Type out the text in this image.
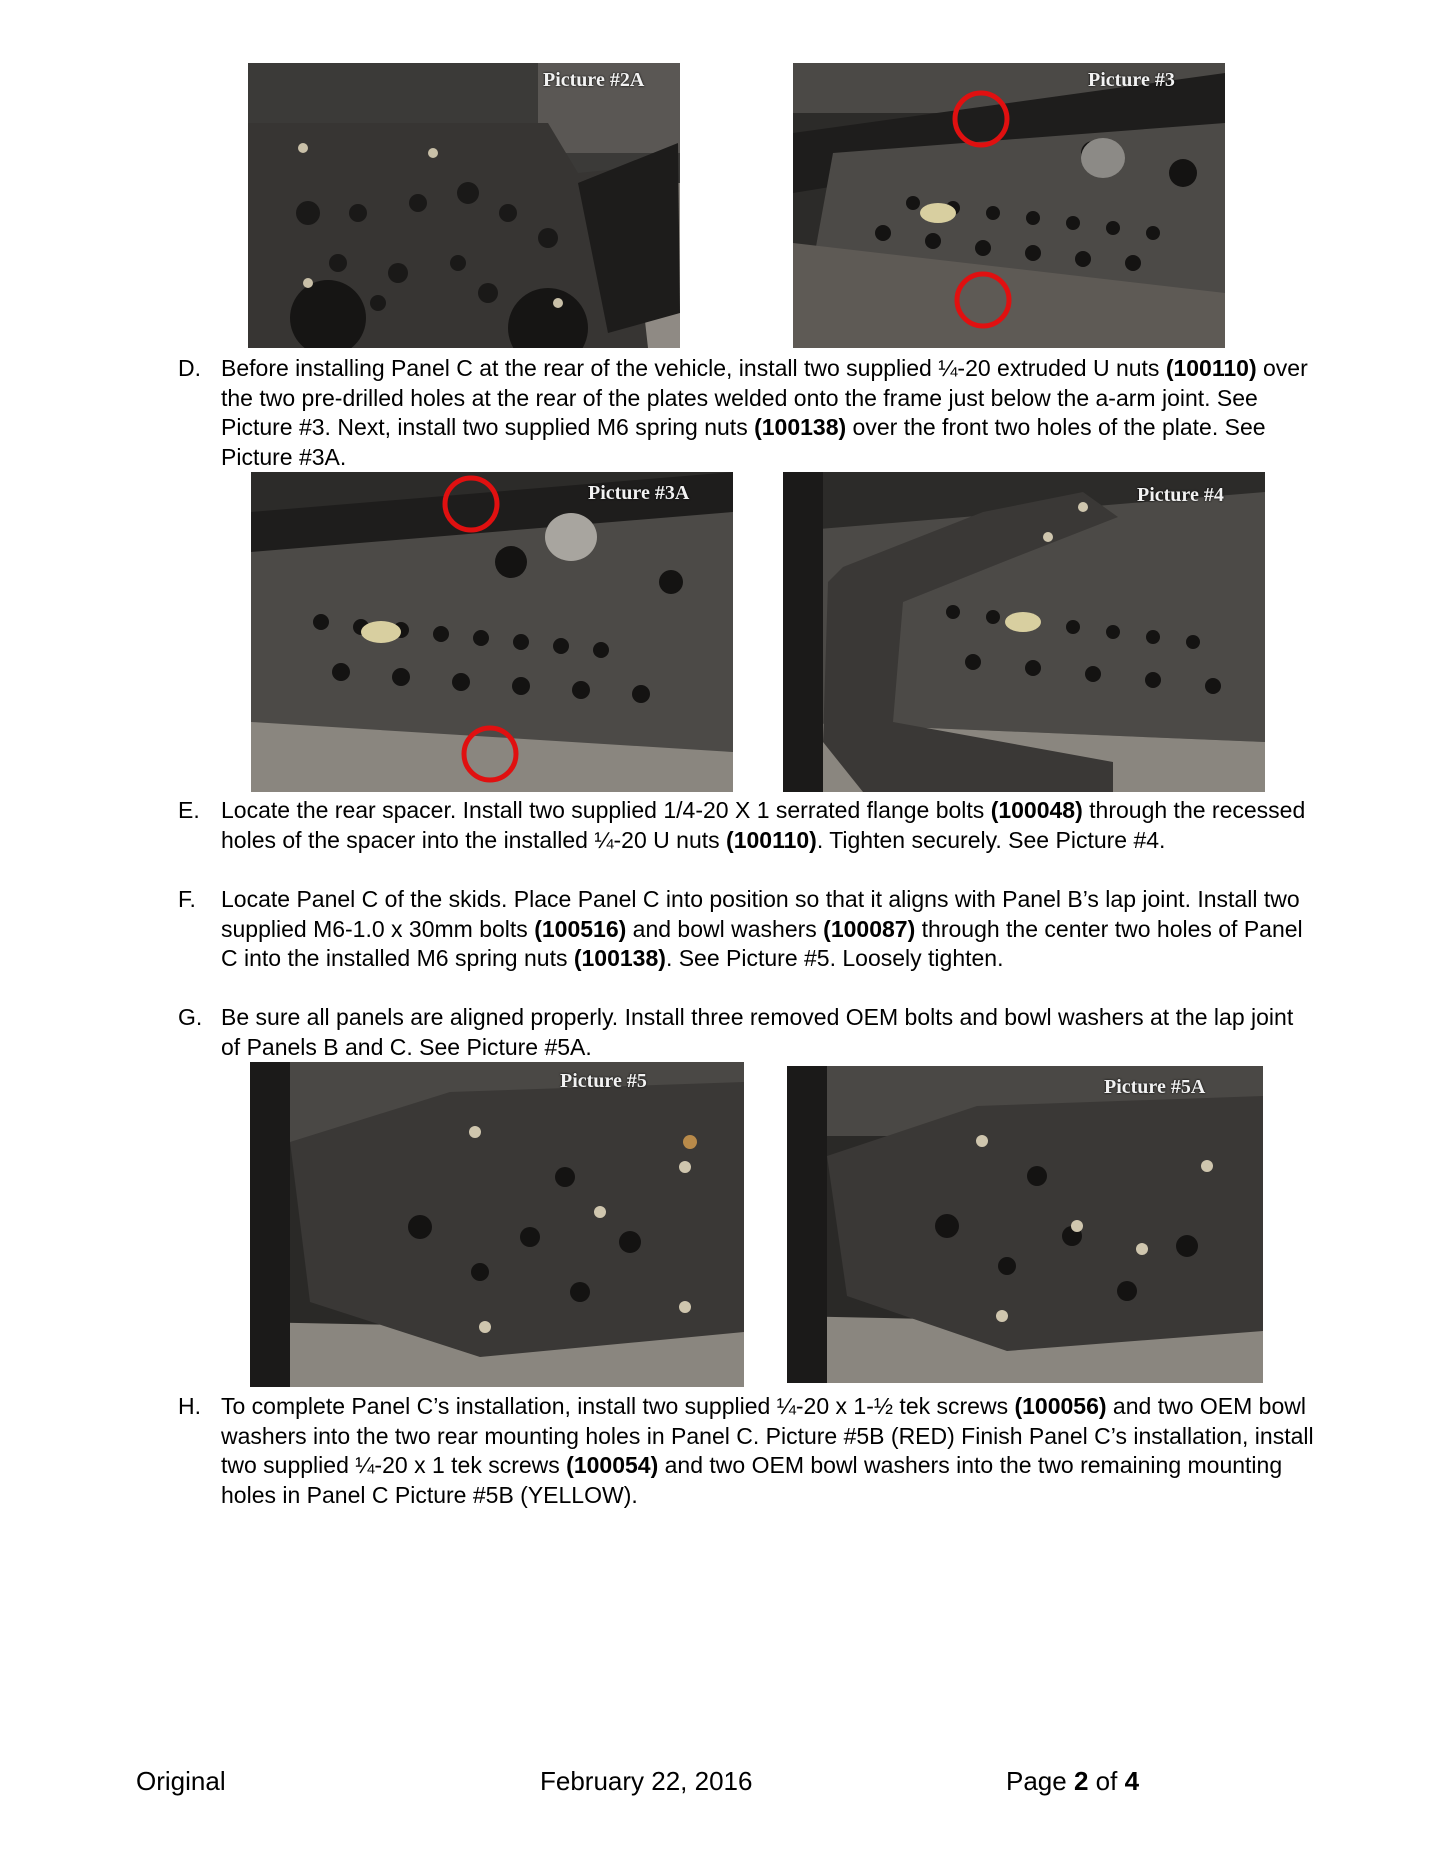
Picture #2A	Picture #3
D. Before installing Panel C at the rear of the vehicle, install two supplied ¼-20 extruded U nuts (100110) over the two pre-drilled holes at the rear of the plates welded onto the frame just below the a-arm joint. See Picture #3. Next, install two supplied M6 spring nuts (100138) over the front two holes of the plate. See Picture #3A.
Picture #3A	Picture #4
E. Locate the rear spacer. Install two supplied 1/4-20 X 1 serrated flange bolts (100048) through the recessed holes of the spacer into the installed ¼-20 U nuts (100110). Tighten securely. See Picture #4.
F. Locate Panel C of the skids. Place Panel C into position so that it aligns with Panel B’s lap joint. Install two supplied M6-1.0 x 30mm bolts (100516) and bowl washers (100087) through the center two holes of Panel C into the installed M6 spring nuts (100138). See Picture #5. Loosely tighten.
G. Be sure all panels are aligned properly. Install three removed OEM bolts and bowl washers at the lap joint of Panels B and C. See Picture #5A.
Picture #5	Picture #5A
H. To complete Panel C’s installation, install two supplied ¼-20 x 1-½ tek screws (100056) and two OEM bowl washers into the two rear mounting holes in Panel C. Picture #5B (RED) Finish Panel C’s installation, install two supplied ¼-20 x 1 tek screws (100054) and two OEM bowl washers into the two remaining mounting holes in Panel C Picture #5B (YELLOW).
Original	February 22, 2016	Page 2 of 4
